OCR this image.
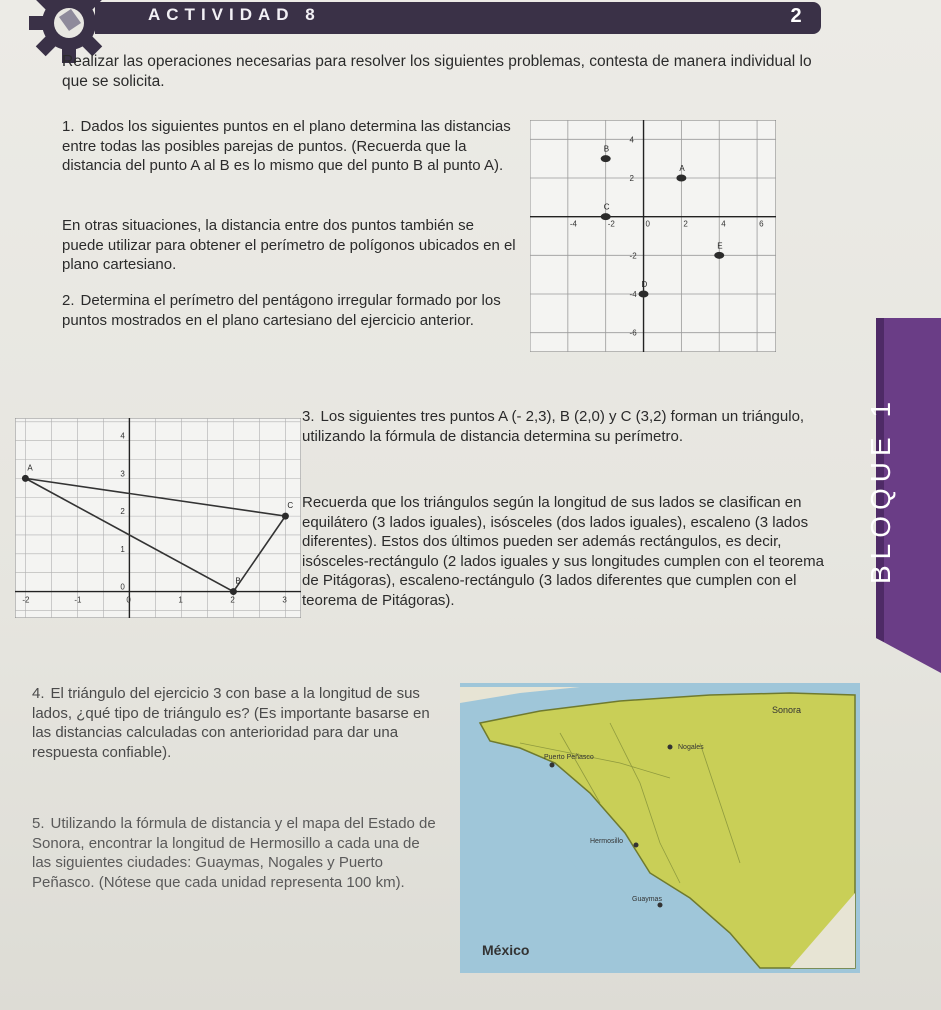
ACTIVIDAD 8	2
Realizar las operaciones necesarias para resolver los siguientes problemas, contesta de manera individual lo que se solicita.
1. Dados los siguientes puntos en el plano determina las distancias entre todas las posibles parejas de puntos. (Recuerda que la distancia del punto A al B es lo mismo que del punto B al punto A).
En otras situaciones, la distancia entre dos puntos también se puede utilizar para obtener el perímetro de polígonos ubicados en el plano cartesiano.
2. Determina el perímetro del pentágono irregular formado por los puntos mostrados en el plano cartesiano del ejercicio anterior.
-4	-2	0	2	4	6
4
2
-2
-4
-6
A
B
C
D
E
-2	-1	0	1	2	3
4
3
2
1
0
A
B
C
3. Los siguientes tres puntos A (- 2,3), B (2,0) y C (3,2) forman un triángulo, utilizando la fórmula de distancia determina su perímetro.
Recuerda que los triángulos según la longitud de sus lados se clasifican en equilátero (3 lados iguales), isósceles (dos lados iguales), escaleno (3 lados diferentes). Estos dos últimos pueden ser además rectángulos, es decir, isósceles-rectángulo (2 lados iguales y sus longitudes cumplen con el teorema de Pitágoras), escaleno-rectángulo (3 lados diferentes que cumplen con el teorema de Pitágoras).
BLOQUE 1
4. El triángulo del ejercicio 3 con base a la longitud de sus lados, ¿qué tipo de triángulo es? (Es importante basarse en las distancias calculadas con anterioridad para dar una respuesta confiable).
5. Utilizando la fórmula de distancia y el mapa del Estado de Sonora, encontrar la longitud de Hermosillo a cada una de las siguientes ciudades: Guaymas, Nogales y Puerto Peñasco. (Nótese que cada unidad representa 100 km).
Nogales
Puerto Peñasco
Hermosillo
Guaymas
Sonora
México
